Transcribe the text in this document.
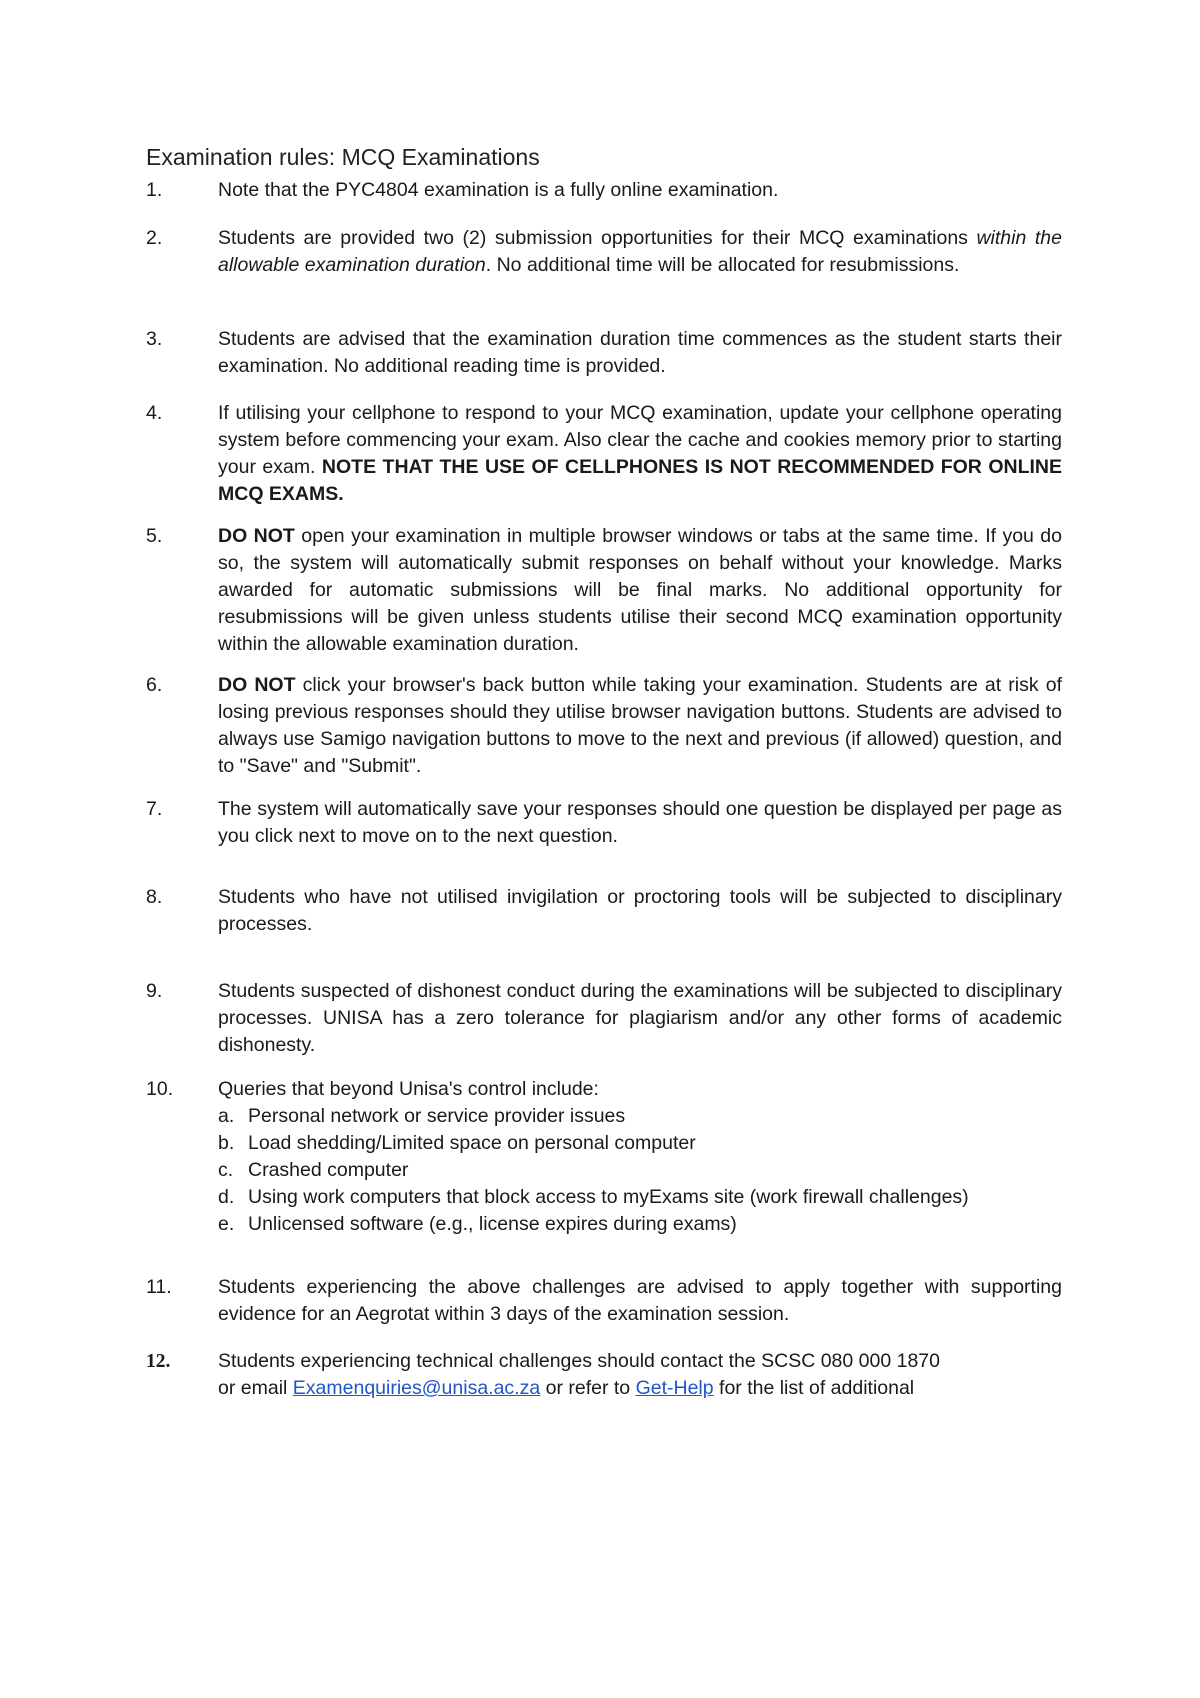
Examination rules: MCQ Examinations
1.	Note that the PYC4804 examination is a fully online examination.
2.	Students are provided two (2) submission opportunities for their MCQ examinations within the allowable examination duration. No additional time will be allocated for resubmissions.
3.	Students are advised that the examination duration time commences as the student starts their examination. No additional reading time is provided.
4.	If utilising your cellphone to respond to your MCQ examination, update your cellphone operating system before commencing your exam. Also clear the cache and cookies memory prior to starting your exam. NOTE THAT THE USE OF CELLPHONES IS NOT RECOMMENDED FOR ONLINE MCQ EXAMS.
5.	DO NOT open your examination in multiple browser windows or tabs at the same time. If you do so, the system will automatically submit responses on behalf without your knowledge. Marks awarded for automatic submissions will be final marks. No additional opportunity for resubmissions will be given unless students utilise their second MCQ examination opportunity within the allowable examination duration.
6.	DO NOT click your browser's back button while taking your examination. Students are at risk of losing previous responses should they utilise browser navigation buttons. Students are advised to always use Samigo navigation buttons to move to the next and previous (if allowed) question, and to "Save" and "Submit".
7.	The system will automatically save your responses should one question be displayed per page as you click next to move on to the next question.
8.	Students who have not utilised invigilation or proctoring tools will be subjected to disciplinary processes.
9.	Students suspected of dishonest conduct during the examinations will be subjected to disciplinary processes. UNISA has a zero tolerance for plagiarism and/or any other forms of academic dishonesty.
10.	Queries that beyond Unisa's control include:
a. Personal network or service provider issues
b. Load shedding/Limited space on personal computer
c. Crashed computer
d. Using work computers that block access to myExams site (work firewall challenges)
e. Unlicensed software (e.g., license expires during exams)
11.	Students experiencing the above challenges are advised to apply together with supporting evidence for an Aegrotat within 3 days of the examination session.
12.	Students experiencing technical challenges should contact the SCSC 080 000 1870
or email Examenquiries@unisa.ac.za or refer to Get-Help for the list of additional
